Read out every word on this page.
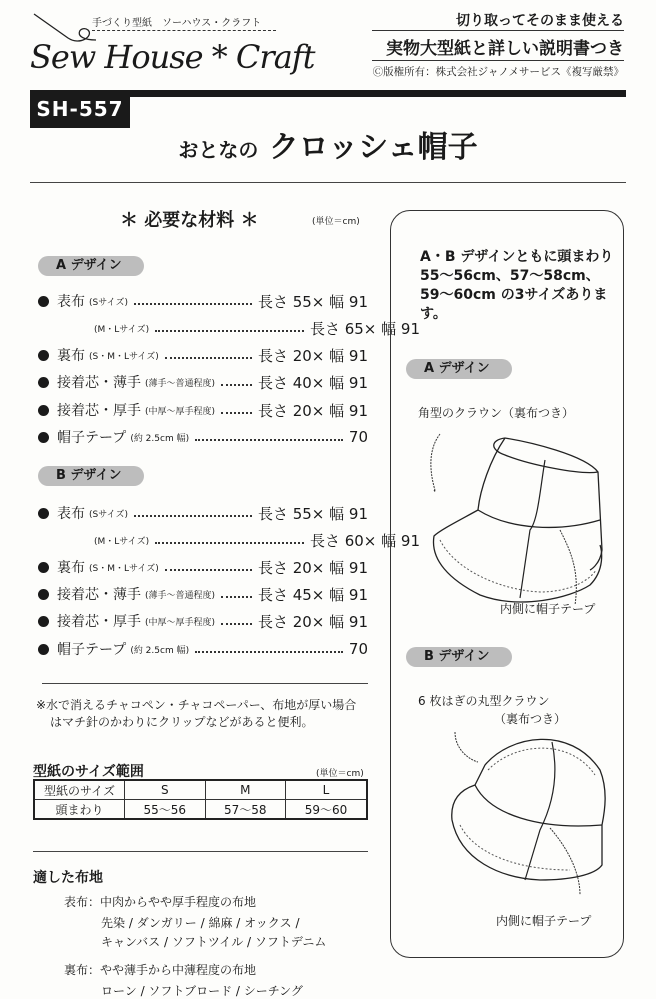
手づくり型紙　ソーハウス・クラフト
Sew House * Craft
切り取ってそのまま使える
実物大型紙と詳しい説明書つき
Ⓒ版権所有：株式会社ジャノメサービス《複写厳禁》
SH-557
おとなの クロッシェ帽子
＊ 必要な材料 ＊	(単位＝cm)
A デザイン
表布 (Sサイズ)	長さ 55× 幅 91
(M・Lサイズ)	長さ 65× 幅 91
裏布 (S・M・Lサイズ)	長さ 20× 幅 91
接着芯・薄手 (薄手〜普通程度)	長さ 40× 幅 91
接着芯・厚手 (中厚〜厚手程度)	長さ 20× 幅 91
帽子テープ (約 2.5cm 幅)	70
B デザイン
表布 (Sサイズ)	長さ 55× 幅 91
(M・Lサイズ)	長さ 60× 幅 91
裏布 (S・M・Lサイズ)	長さ 20× 幅 91
接着芯・薄手 (薄手〜普通程度)	長さ 45× 幅 91
接着芯・厚手 (中厚〜厚手程度)	長さ 20× 幅 91
帽子テープ (約 2.5cm 幅)	70
※水で消えるチャコペン・チャコペーパー、布地が厚い場合
はマチ針のかわりにクリップなどがあると便利。
型紙のサイズ範囲	(単位＝cm)
型紙のサイズ	S	M	L
頭まわり	55〜56	57〜58	59〜60
適した布地
表布：中肉からやや厚手程度の布地
先染 / ダンガリー / 綿麻 / オックス /
キャンバス / ソフトツイル / ソフトデニム
裏布：やや薄手から中薄程度の布地
ローン / ソフトブロード / シーチング
A・B デザインともに頭まわり 55〜56cm、57〜58cm、59〜60cm の3サイズあります。
A デザイン
角型のクラウン（裏布つき）
内側に帽子テープ
B デザイン
6 枚はぎの丸型クラウン
（裏布つき）
内側に帽子テープ
